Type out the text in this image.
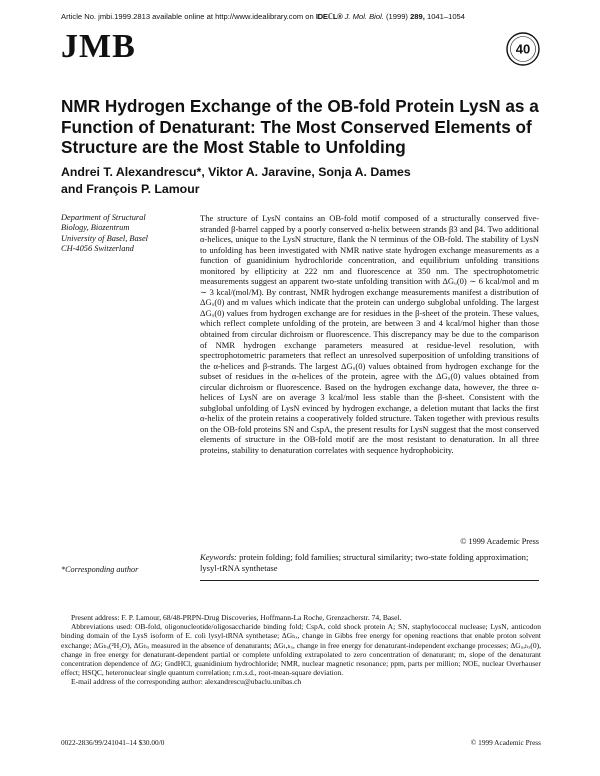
Article No. jmbi.1999.2813 available online at http://www.idealibrary.com on IDEℂL® J. Mol. Biol. (1999) 289, 1041–1054
JMB	40
NMR Hydrogen Exchange of the OB-fold Protein LysN as a Function of Denaturant: The Most Conserved Elements of Structure are the Most Stable to Unfolding
Andrei T. Alexandrescu*, Viktor A. Jaravine, Sonja A. Dames
and François P. Lamour
Department of Structural
Biology, Biozentrum
University of Basel, Basel
CH-4056 Switzerland
*Corresponding author
The structure of LysN contains an OB-fold motif composed of a structurally conserved five-stranded β-barrel capped by a poorly conserved α-helix between strands β3 and β4. Two additional α-helices, unique to the LysN structure, flank the N terminus of the OB-fold. The stability of LysN to unfolding has been investigated with NMR native state hydrogen exchange measurements as a function of guanidinium hydrochloride concentration, and equilibrium unfolding transitions monitored by ellipticity at 222 nm and fluorescence at 350 nm. The spectrophotometric measurements suggest an apparent two-state unfolding transition with ΔGᵤ(0) ∼ 6 kcal/mol and m ∼ 3 kcal/(mol/M). By contrast, NMR hydrogen exchange measurements manifest a distribution of ΔGᵤ(0) and m values which indicate that the protein can undergo subglobal unfolding. The largest ΔGᵤ(0) values from hydrogen exchange are for residues in the β-sheet of the protein. These values, which reflect complete unfolding of the protein, are between 3 and 4 kcal/mol higher than those obtained from circular dichroism or fluorescence. This discrepancy may be due to the comparison of NMR hydrogen exchange parameters measured at residue-level resolution, with spectrophotometric parameters that reflect an unresolved superposition of unfolding transitions of the α-helices and β-strands. The largest ΔGᵤ(0) values obtained from hydrogen exchange for the subset of residues in the α-helices of the protein, agree with the ΔGᵤ(0) values obtained from circular dichroism or fluorescence. Based on the hydrogen exchange data, however, the three α-helices of LysN are on average 3 kcal/mol less stable than the β-sheet. Consistent with the subglobal unfolding of LysN evinced by hydrogen exchange, a deletion mutant that lacks the first α-helix of the protein retains a cooperatively folded structure. Taken together with previous results on the OB-fold proteins SN and CspA, the present results for LysN suggest that the most conserved elements of structure in the OB-fold motif are the most resistant to denaturation. In all three proteins, stability to denaturation correlates with sequence hydrophobicity.
© 1999 Academic Press
Keywords: protein folding; fold families; structural similarity; two-state folding approximation; lysyl-tRNA synthetase

Present address: F. P. Lamour, 68/48-PRPN-Drug Discoveries, Hoffmann-La Roche, Grenzacherstr. 74, Basel.

Abbreviations used: OB-fold, oligonucleotide/oligosaccharide binding fold; CspA, cold shock protein A; SN, staphylococcal nuclease; LysN, anticodon binding domain of the LysS isoform of E. coli lysyl-tRNA synthetase; ΔGₕₓ, change in Gibbs free energy for opening reactions that enable proton solvent exchange; ΔGₕₓ(²H₂O), ΔGₕₓ measured in the absence of denaturants; ΔGₗ,ₕₓ, change in free energy for denaturant-independent exchange processes; ΔGᵤ,ₕₓ(0), change in free energy for denaturant-dependent partial or complete unfolding extrapolated to zero concentration of denaturant; m, slope of the denaturant concentration dependence of ΔG; GndHCl, guanidinium hydrochloride; NMR, nuclear magnetic resonance; ppm, parts per million; NOE, nuclear Overhauser effect; HSQC, heteronuclear single quantum correlation; r.m.s.d., root-mean-square deviation.

E-mail address of the corresponding author: alexandrescu@ubaclu.unibas.ch

0022-2836/99/241041–14 $30.00/0	© 1999 Academic Press
